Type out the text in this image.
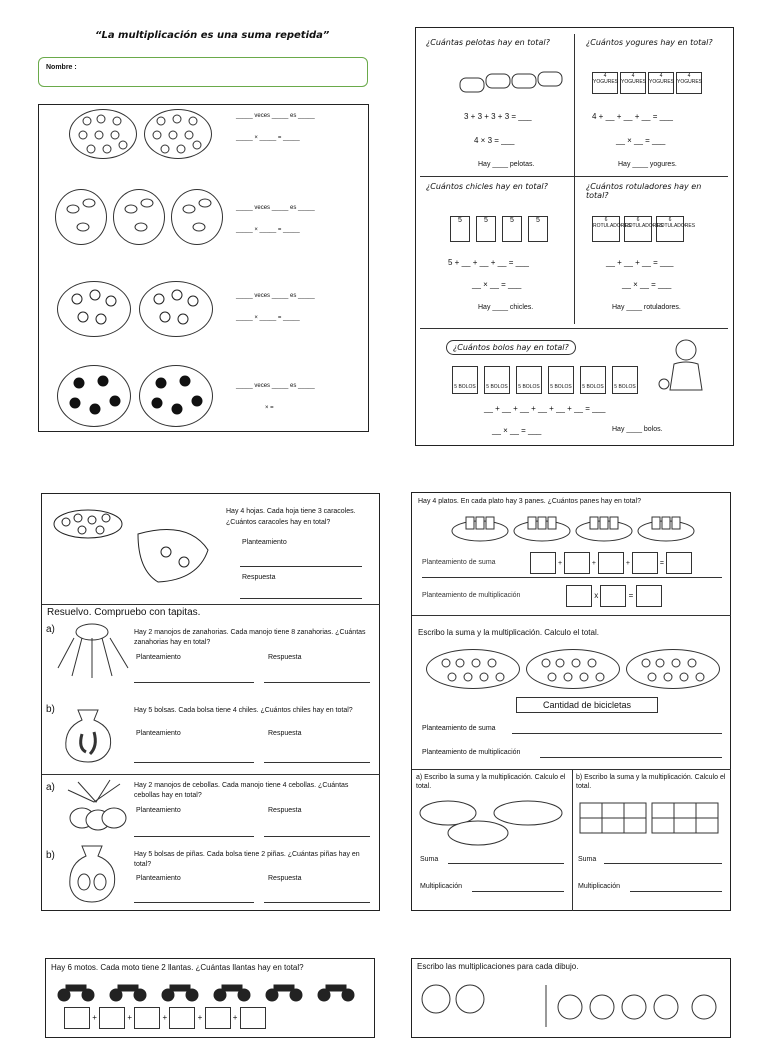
“La multiplicación es una suma repetida”
Nombre :
_____ veces _____ es _____
_____ × _____ = _____
_____ veces _____ es _____
_____ × _____ = _____
_____ veces _____ es _____
_____ × _____ = _____
_____ veces _____ es _____
× =
¿Cuántas pelotas hay en total?
3 + 3 + 3 + 3 = ___
4 × 3 = ___
Hay ____ pelotas.
¿Cuántos yogures hay en total?
4 YOGURES
4 YOGURES
4 YOGURES
4 YOGURES
4 + __ + __ + __ = ___
__ × __ = ___
Hay ____ yogures.
¿Cuántos chicles hay en total?
5	5	5	5
5 + __ + __ + __ = ___
__ × __ = ___
Hay ____ chicles.
¿Cuántos rotuladores hay en total?
6 ROTULADORES
6 ROTULADORES
6 ROTULADORES
__ + __ + __ = ___
__ × __ = ___
Hay ____ rotuladores.
¿Cuántos bolos hay en total?
5 BOLOS	5 BOLOS	5 BOLOS	5 BOLOS	5 BOLOS	5 BOLOS
__ + __ + __ + __ + __ + __ = ___
__ × __ = ___	Hay ____ bolos.
Hay 4 hojas. Cada hoja tiene 3 caracoles. ¿Cuántos caracoles hay en total?
Planteamiento
Respuesta
Resuelvo. Compruebo con tapitas.
a)	Hay 2 manojos de zanahorias. Cada manojo tiene 8 zanahorias. ¿Cuántas zanahorias hay en total?
Planteamiento	Respuesta
b)	Hay 5 bolsas. Cada bolsa tiene 4 chiles. ¿Cuántos chiles hay en total?
Planteamiento	Respuesta
a)	Hay 2 manojos de cebollas. Cada manojo tiene 4 cebollas. ¿Cuántas cebollas hay en total?
Planteamiento	Respuesta
b)	Hay 5 bolsas de piñas. Cada bolsa tiene 2 piñas. ¿Cuántas piñas hay en total?
Planteamiento	Respuesta
Hay 4 platos. En cada plato hay 3 panes. ¿Cuántos panes hay en total?
Planteamiento de suma	+	+	+	=
Planteamiento de multiplicación	x	=
Escribo la suma y la multiplicación. Calculo el total.
Cantidad de bicicletas
Planteamiento de suma
Planteamiento de multiplicación
a) Escribo la suma y la multiplicación. Calculo el total.
Suma
Multiplicación
b) Escribo la suma y la multiplicación. Calculo el total.
Suma
Multiplicación
Hay 6 motos. Cada moto tiene 2 llantas. ¿Cuántas llantas hay en total?
+	+	+	+	+
Escribo las multiplicaciones para cada dibujo.
